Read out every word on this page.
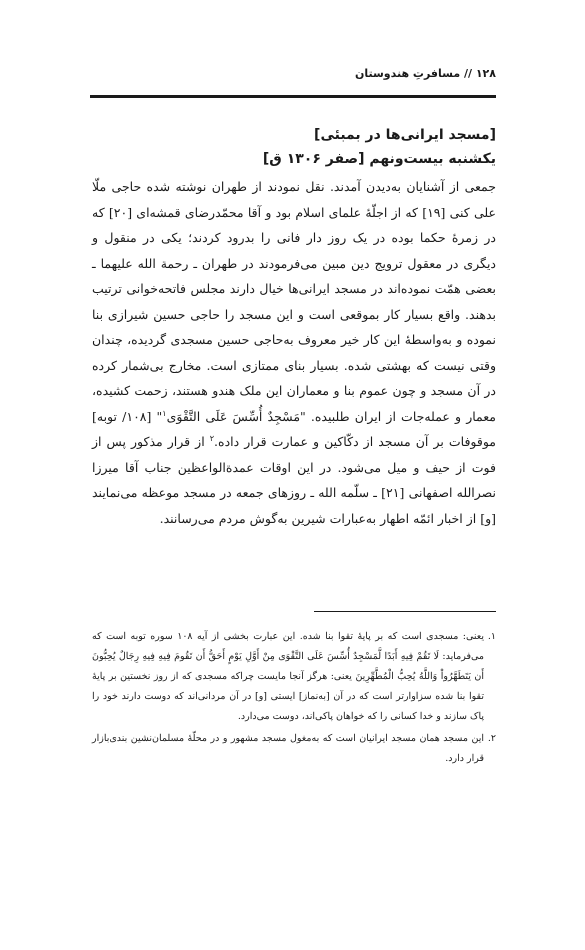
۱۲۸ // مسافرتِ هندوستان
[مسجد ایرانی‌ها در بمبئی]
یکشنبه بیست‌ونهم [صفر ۱۳۰۶ ق]

جمعی از آشنایان به‌دیدن آمدند. نقل نمودند از طهران نوشته شده حاجی ملّا علی کنی [۱۹] که از اجلّهٔ علمای اسلام بود و آقا محمّدرضای قمشه‌ای [۲۰] که در زمرهٔ حکما بوده در یک روز دار فانی را بدرود کردند؛ یکی در منقول و دیگری در معقول ترویج دین مبین می‌فرمودند در طهران ـ رحمة الله علیهما ـ بعضی همّت نموده‌اند در مسجد ایرانی‌ها خیال دارند مجلس فاتحه‌خوانی ترتیب بدهند. واقع بسیار کار بموقعی است و این مسجد را حاجی حسین شیرازی بنا نموده و به‌واسطهٔ این کار خیر معروف به‌حاجی حسین مسجدی گردیده، چندان وقتی نیست که بهشتی شده. بسیار بنای ممتازی است. مخارج بی‌شمار کرده در آن مسجد و چون عموم بنا و معماران این ملک هندو هستند، زحمت کشیده، معمار و عمله‌جات از ایران طلبیده. "مَسْجِدٌ أُسِّسَ عَلَى التَّقْوَى$^۱$" [۱۰۸/ توبه] موقوفات بر آن مسجد از دکّاکین و عمارت قرار داده.$^۲$ از قرار مذکور پس از فوت از حیف و میل می‌شود. در این اوقات عمدةالواعظین جناب آقا میرزا نصرالله اصفهانی [۲۱] ـ سلّمه الله ـ روزهای جمعه در مسجد موعظه می‌نمایند [و] از اخبار ائمّه اطهار به‌عبارات شیرین به‌گوش مردم می‌رسانند.

۱.
یعنی: مسجدی است که بر پایهٔ تقوا بنا شده. این عبارت بخشی از آیه ۱۰۸ سوره توبه است که می‌فرماید: لَا تَقُمْ فِيهِ أَبَدًا لَّمَسْجِدٌ أُسِّسَ عَلَى التَّقْوَى مِنْ أَوَّلِ يَوْمٍ أَحَقُّ أَن تَقُومَ فِيهِ فِيهِ رِجَالٌ يُحِبُّونَ أَن يَتَطَهَّرُواْ وَاللَّهُ يُحِبُّ الْمُطَّهِّرِينَ یعنی: هرگز آنجا مایست چراکه مسجدی که از روز نخستین بر پایهٔ تقوا بنا شده سزاوارتر است که در آن [به‌نماز] ایستی [و] در آن مردانی‌اند که دوست دارند خود را پاک سازند و خدا کسانی را که خواهان پاکی‌اند، دوست می‌دارد.

۲.
این مسجد همان مسجد ایرانیان است که به‌مغول مسجد مشهور و در محلّهٔ مسلمان‌نشین بندی‌بازار قرار دارد.
